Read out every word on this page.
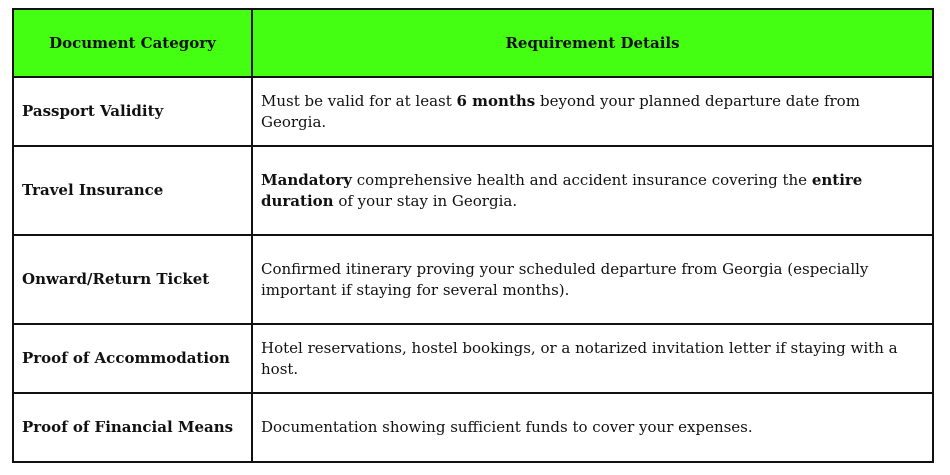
Document Category	Requirement Details
Passport Validity	Must be valid for at least 6 months beyond your planned departure date from Georgia.
Travel Insurance	Mandatory comprehensive health and accident insurance covering the entire duration of your stay in Georgia.
Onward/Return Ticket	Confirmed itinerary proving your scheduled departure from Georgia (especially important if staying for several months).
Proof of Accommodation	Hotel reservations, hostel bookings, or a notarized invitation letter if staying with a host.
Proof of Financial Means	Documentation showing sufficient funds to cover your expenses.
